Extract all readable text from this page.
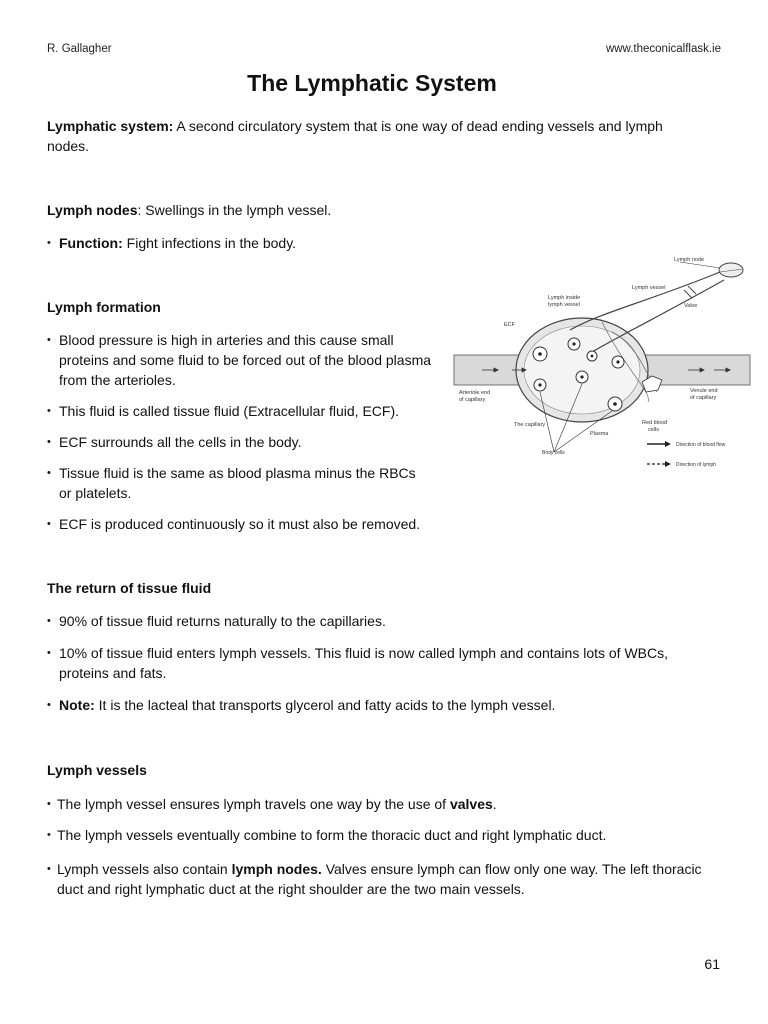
R. Gallagher	www.theconicalflask.ie
The Lymphatic System
Lymphatic system: A second circulatory system that is one way of dead ending vessels and lymph nodes.
Lymph nodes: Swellings in the lymph vessel.
• Function: Fight infections in the body.
Lymph formation
• Blood pressure is high in arteries and this cause small proteins and some fluid to be forced out of the blood plasma from the arterioles.
• This fluid is called tissue fluid (Extracellular fluid, ECF).
• ECF surrounds all the cells in the body.
• Tissue fluid is the same as blood plasma minus the RBCs or platelets.
• ECF is produced continuously so it must also be removed.
The return of tissue fluid
• 90% of tissue fluid returns naturally to the capillaries.
• 10% of tissue fluid enters lymph vessels. This fluid is now called lymph and contains lots of WBCs, proteins and fats.
• Note: It is the lacteal that transports glycerol and fatty acids to the lymph vessel.
Lymph vessels
• The lymph vessel ensures lymph travels one way by the use of valves.
• The lymph vessels eventually combine to form the thoracic duct and right lymphatic duct.
• Lymph vessels also contain lymph nodes. Valves ensure lymph can flow only one way. The left thoracic duct and right lymphatic duct at the right shoulder are the two main vessels.
Lymph node
Lymph vessel
Lymph inside
lymph vessel	Valve
ECF
Arteriole end
of capillary
Venule end
of capillary
The capillary
Plasma
Red blood
cells
Body cells
Direction of blood flow
Direction of lymph
61
